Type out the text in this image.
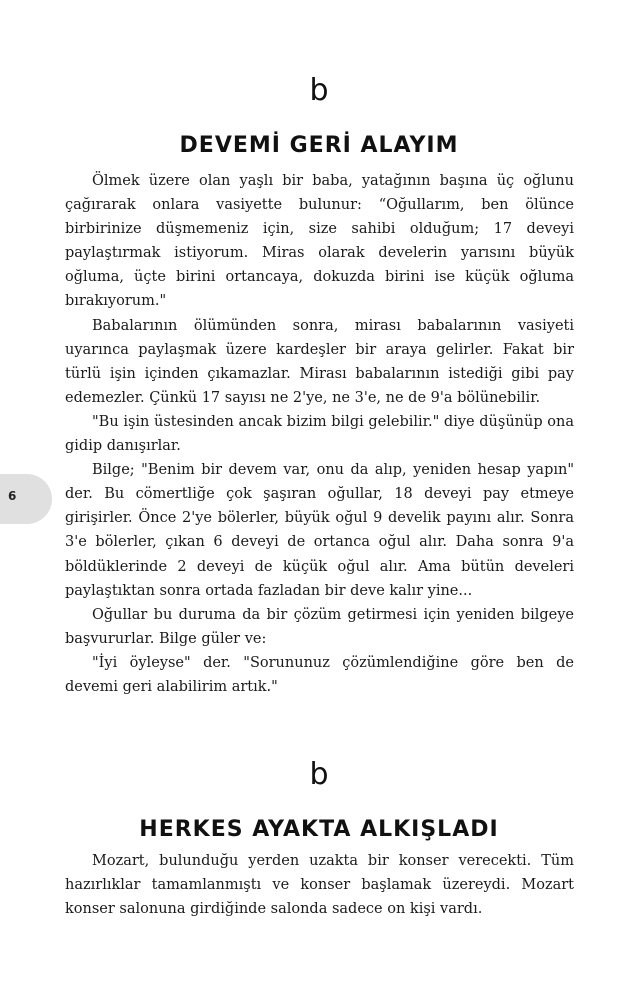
b
DEVEMİ GERİ ALAYIM

Ölmek üzere olan yaşlı bir baba, yatağının başına üç oğlunu çağırarak onlara vasiyette bulunur: “Oğullarım, ben ölünce birbirinize düşmemeniz için, size sahibi olduğum; 17 deveyi paylaştırmak istiyorum. Miras olarak develerin yarısını büyük oğluma, üçte birini ortancaya, dokuzda birini ise küçük oğluma bırakıyorum."

Babalarının ölümünden sonra, mirası babalarının vasiyeti uyarınca paylaşmak üzere kardeşler bir araya gelirler. Fakat bir türlü işin içinden çıkamazlar. Mirası babalarının istediği gibi pay edemezler. Çünkü 17 sayısı ne 2'ye, ne 3'e, ne de 9'a bölünebilir.

"Bu işin üstesinden ancak bizim bilgi gelebilir." diye düşünüp ona gidip danışırlar.

Bilge; "Benim bir devem var, onu da alıp, yeniden hesap yapın" der. Bu cömertliğe çok şaşıran oğullar, 18 deveyi pay etmeye girişirler. Önce 2'ye bölerler, büyük oğul 9 develik payını alır. Sonra 3'e bölerler, çıkan 6 deveyi de ortanca oğul alır. Daha sonra 9'a böldüklerinde 2 deveyi de küçük oğul alır. Ama bütün develeri paylaştıktan sonra ortada fazladan bir deve kalır yine...

Oğullar bu duruma da bir çözüm getirmesi için yeniden bilgeye başvururlar. Bilge güler ve:

"İyi öyleyse" der. "Sorununuz çözümlendiğine göre ben de devemi geri alabilirim artık."

b
HERKES AYAKTA ALKIŞLADI

Mozart, bulunduğu yerden uzakta bir konser verecekti. Tüm hazırlıklar tamamlanmıştı ve konser başlamak üzereydi. Mozart konser salonuna girdiğinde salonda sadece on kişi vardı.

6
